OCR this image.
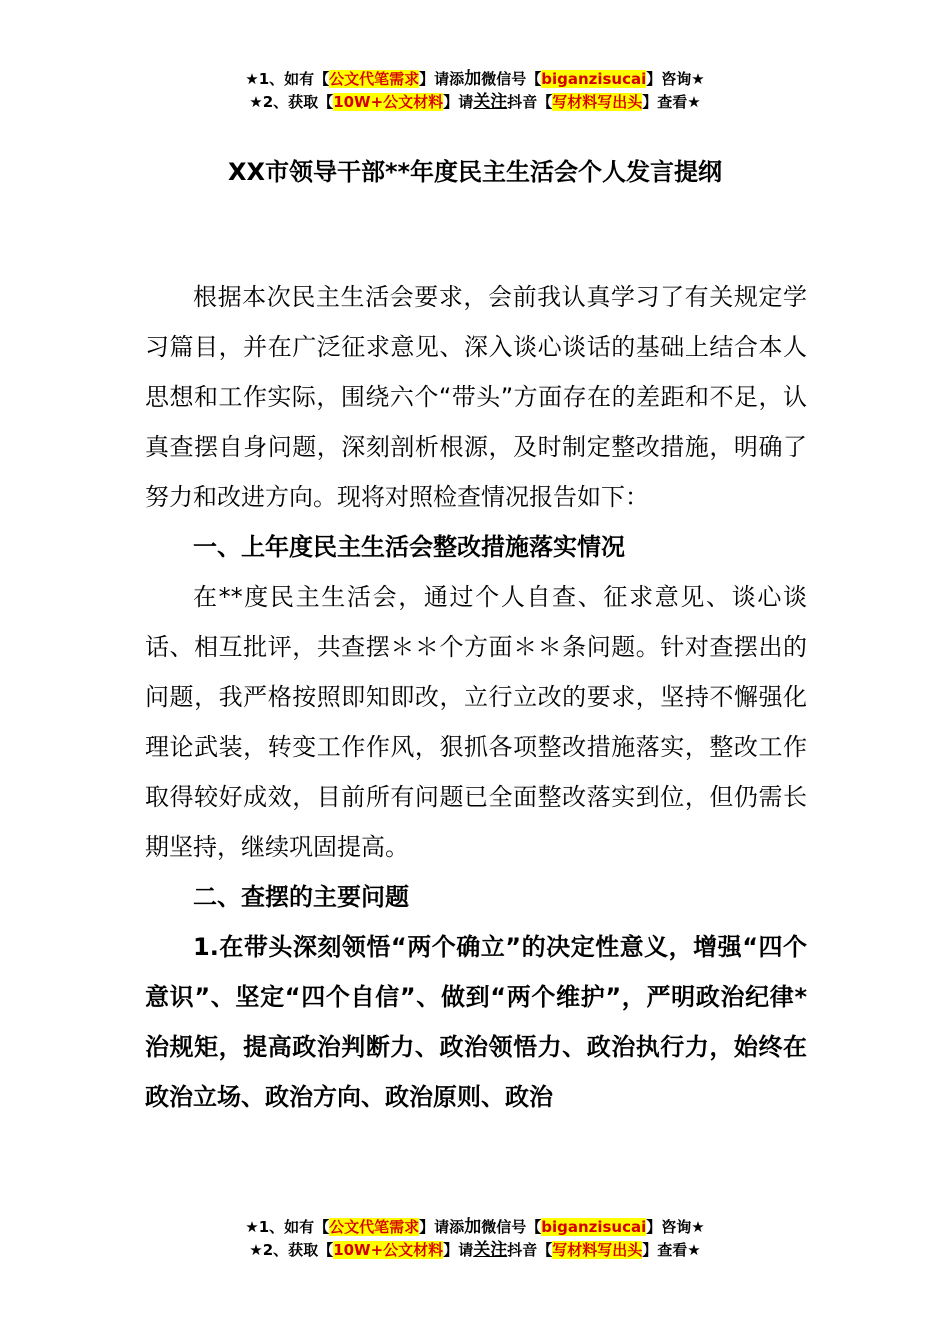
★1、如有【公文代笔需求】请添加微信号【biganzisucai】咨询★
★2、获取【10W+公文材料】请关注抖音【写材料写出头】查看★
XX市领导干部**年度民主生活会个人发言提纲

根据本次民主生活会要求，会前我认真学习了有关规定学习篇目，并在广泛征求意见、深入谈心谈话的基础上结合本人思想和工作实际，围绕六个“带头”方面存在的差距和不足，认真查摆自身问题，深刻剖析根源，及时制定整改措施，明确了努力和改进方向。现将对照检查情况报告如下：

一、上年度民主生活会整改措施落实情况

在**度民主生活会，通过个人自查、征求意见、谈心谈话、相互批评，共查摆＊＊个方面＊＊条问题。针对查摆出的问题，我严格按照即知即改，立行立改的要求，坚持不懈强化理论武装，转变工作作风，狠抓各项整改措施落实，整改工作取得较好成效，目前所有问题已全面整改落实到位，但仍需长期坚持，继续巩固提高。

二、查摆的主要问题

1.在带头深刻领悟“两个确立”的决定性意义，增强“四个意识”、坚定“四个自信”、做到“两个维护”，严明政治纪律*治规矩，提高政治判断力、政治领悟力、政治执行力，始终在政治立场、政治方向、政治原则、政治

★1、如有【公文代笔需求】请添加微信号【biganzisucai】咨询★
★2、获取【10W+公文材料】请关注抖音【写材料写出头】查看★
